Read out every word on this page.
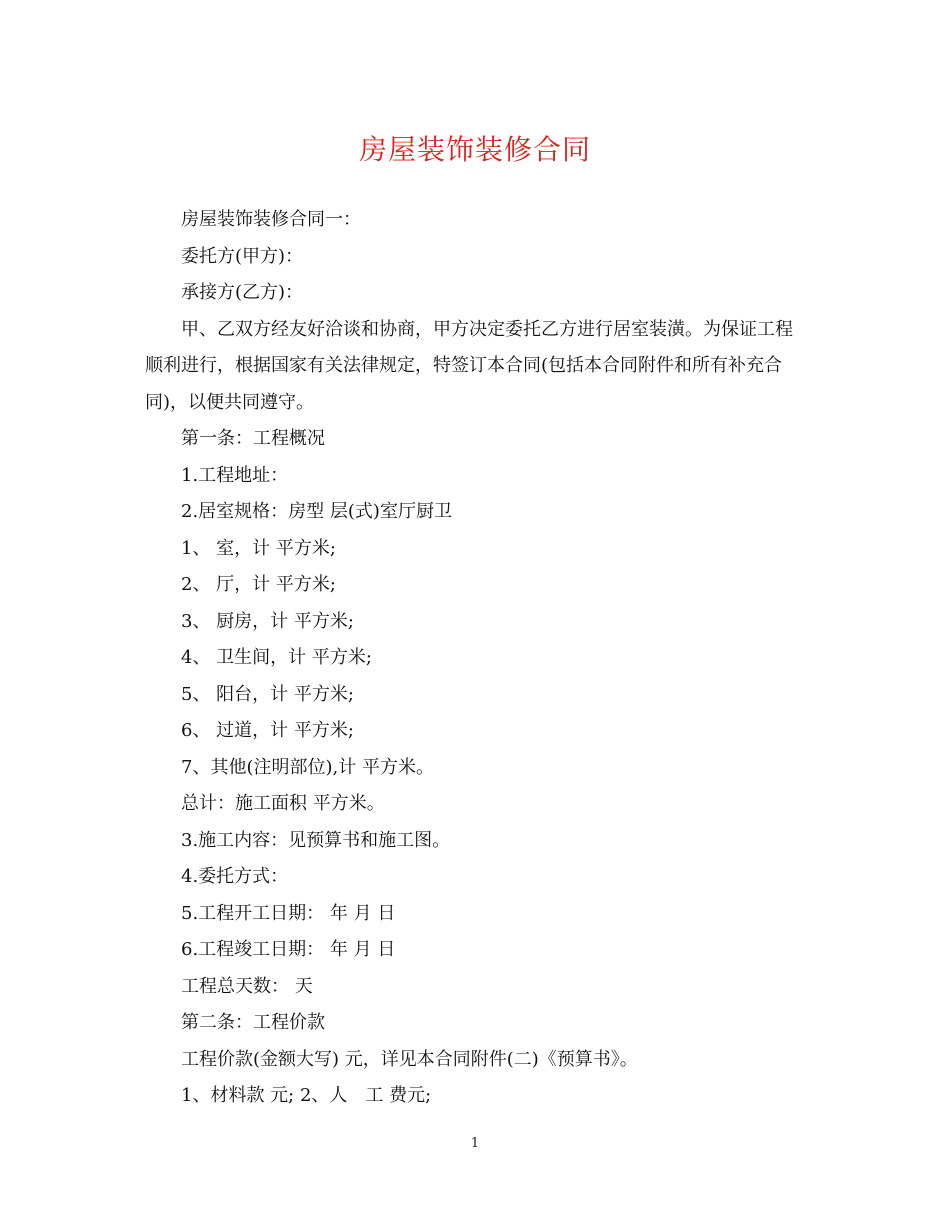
房屋装饰装修合同

房屋装饰装修合同一：

委托方(甲方)：

承接方(乙方)：

甲、乙双方经友好洽谈和协商，甲方决定委托乙方进行居室装潢。为保证工程顺利进行，根据国家有关法律规定，特签订本合同(包括本合同附件和所有补充合同)，以便共同遵守。

第一条：工程概况

1.工程地址：

2.居室规格：房型 层(式)室厅厨卫

1、 室，计 平方米;

2、 厅，计 平方米;

3、 厨房，计 平方米;

4、 卫生间，计 平方米;

5、 阳台，计 平方米;

6、 过道，计 平方米;

7、其他(注明部位),计 平方米。

总计：施工面积 平方米。

3.施工内容：见预算书和施工图。

4.委托方式：

5.工程开工日期： 年 月 日

6.工程竣工日期： 年 月 日

工程总天数： 天

第二条：工程价款

工程价款(金额大写) 元，详见本合同附件(二)《预算书》。

1、材料款 元; 2、人　工 费元;

1
